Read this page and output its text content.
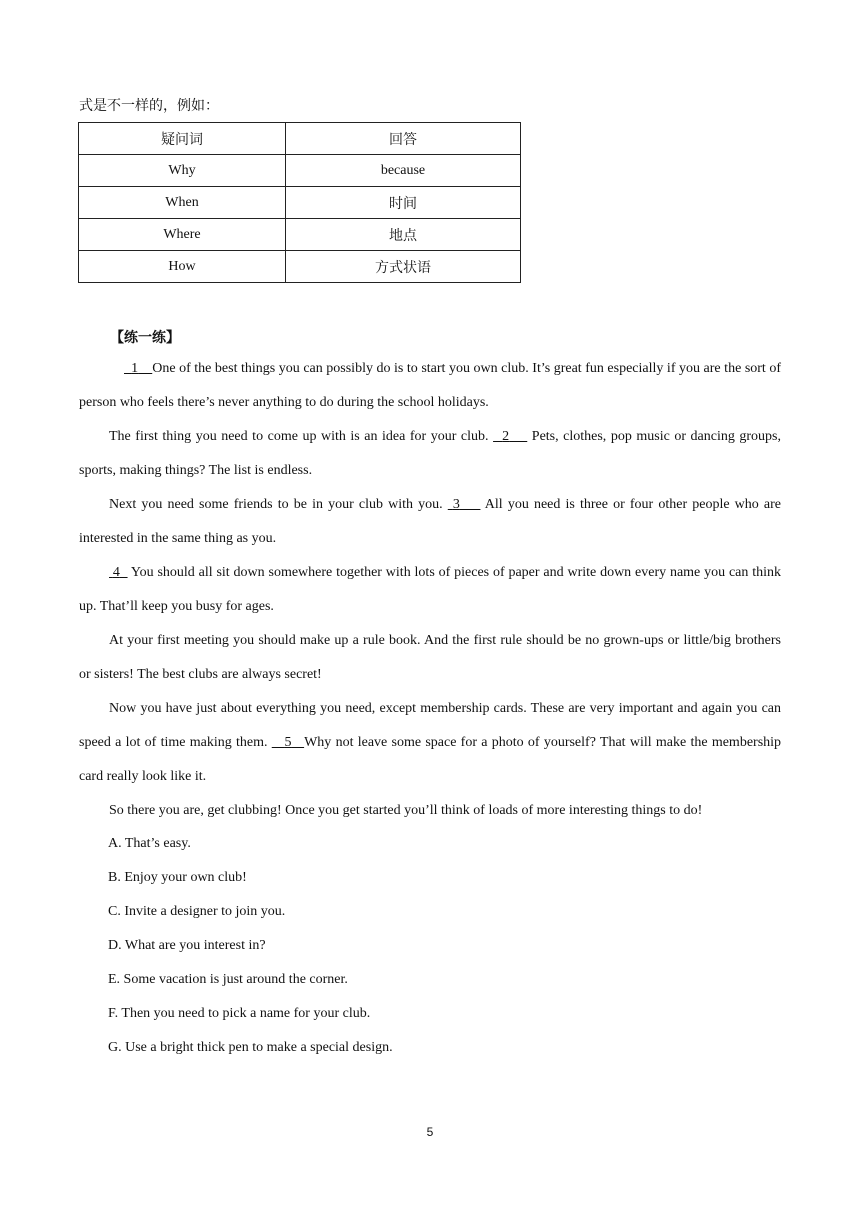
式是不一样的，例如：
疑问词	回答
Why	because
When	时间
Where	地点
How	方式状语
【练一练】

1 One of the best things you can possibly do is to start you own club. It’s great fun especially if you are the sort of person who feels there’s never anything to do during the school holidays.

The first thing you need to come up with is an idea for your club.   2     Pets, clothes, pop music or dancing groups, sports, making things? The list is endless.

Next you need some friends to be in your club with you.  3     All you need is three or four other people who are interested in the same thing as you.

4   You should all sit down somewhere together with lots of pieces of paper and write down every name you can think up. That’ll keep you busy for ages.

At your first meeting you should make up a rule book. And the first rule should be no grown-ups or little/big brothers or sisters! The best clubs are always secret!

Now you have just about everything you need, except membership cards. These are very important and again you can speed a lot of time making them.    5 Why not leave some space for a photo of yourself? That will make the membership card really look like it.

So there you are, get clubbing! Once you get started you’ll think of loads of more interesting things to do!

A. That’s easy.
B. Enjoy your own club!
C. Invite a designer to join you.
D. What are you interest in?
E. Some vacation is just around the corner.
F. Then you need to pick a name for your club.
G. Use a bright thick pen to make a special design.
5
